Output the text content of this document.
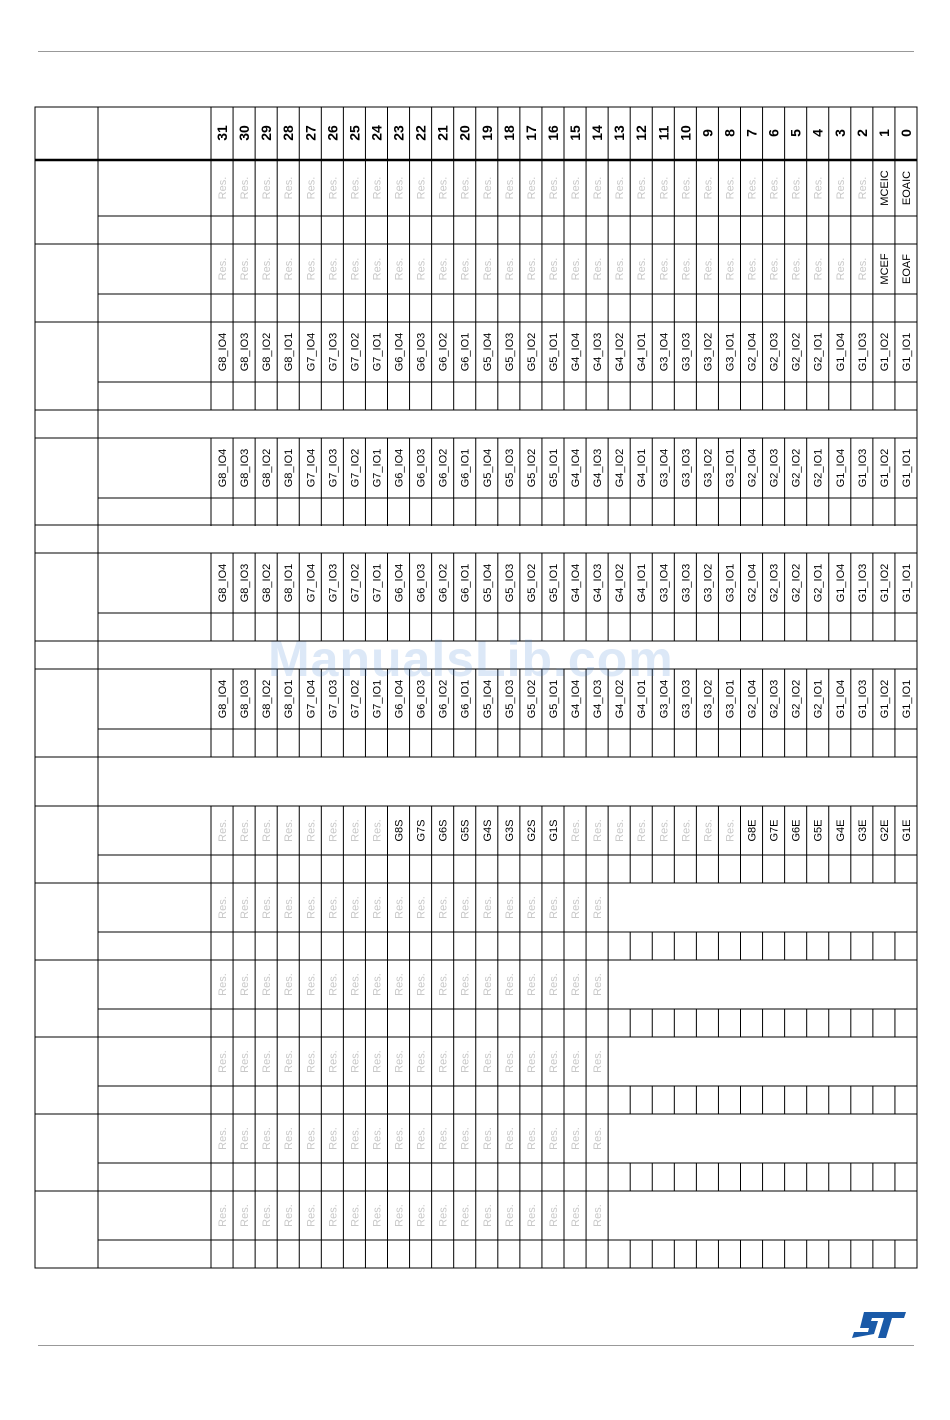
31 30 29 28 27 26 25 24 23 22 21 20 19 18 17 16 15 14 13 12 11 10 9 8 7 6 5 4 3 2 1 0
Res. Res. Res. Res. Res. Res. Res. Res. Res. Res. Res. Res. Res. Res. Res. Res. Res. Res. Res. Res. Res. Res. Res. Res. Res. Res. Res. Res. Res. Res. MCEIC EOAIC
Res. Res. Res. Res. Res. Res. Res. Res. Res. Res. Res. Res. Res. Res. Res. Res. Res. Res. Res. Res. Res. Res. Res. Res. Res. Res. Res. Res. Res. Res. MCEF EOAF
G8_IO4 G8_IO3 G8_IO2 G8_IO1 G7_IO4 G7_IO3 G7_IO2 G7_IO1 G6_IO4 G6_IO3 G6_IO2 G6_IO1 G5_IO4 G5_IO3 G5_IO2 G5_IO1 G4_IO4 G4_IO3 G4_IO2 G4_IO1 G3_IO4 G3_IO3 G3_IO2 G3_IO1 G2_IO4 G2_IO3 G2_IO2 G2_IO1 G1_IO4 G1_IO3 G1_IO2 G1_IO1
G8_IO4 G8_IO3 G8_IO2 G8_IO1 G7_IO4 G7_IO3 G7_IO2 G7_IO1 G6_IO4 G6_IO3 G6_IO2 G6_IO1 G5_IO4 G5_IO3 G5_IO2 G5_IO1 G4_IO4 G4_IO3 G4_IO2 G4_IO1 G3_IO4 G3_IO3 G3_IO2 G3_IO1 G2_IO4 G2_IO3 G2_IO2 G2_IO1 G1_IO4 G1_IO3 G1_IO2 G1_IO1
G8_IO4 G8_IO3 G8_IO2 G8_IO1 G7_IO4 G7_IO3 G7_IO2 G7_IO1 G6_IO4 G6_IO3 G6_IO2 G6_IO1 G5_IO4 G5_IO3 G5_IO2 G5_IO1 G4_IO4 G4_IO3 G4_IO2 G4_IO1 G3_IO4 G3_IO3 G3_IO2 G3_IO1 G2_IO4 G2_IO3 G2_IO2 G2_IO1 G1_IO4 G1_IO3 G1_IO2 G1_IO1
G8_IO4 G8_IO3 G8_IO2 G8_IO1 G7_IO4 G7_IO3 G7_IO2 G7_IO1 G6_IO4 G6_IO3 G6_IO2 G6_IO1 G5_IO4 G5_IO3 G5_IO2 G5_IO1 G4_IO4 G4_IO3 G4_IO2 G4_IO1 G3_IO4 G3_IO3 G3_IO2 G3_IO1 G2_IO4 G2_IO3 G2_IO2 G2_IO1 G1_IO4 G1_IO3 G1_IO2 G1_IO1
Res. Res. Res. Res. Res. Res. Res. Res. G8S G7S G6S G5S G4S G3S G2S G1S Res. Res. Res. Res. Res. Res. Res. Res. G8E G7E G6E G5E G4E G3E G2E G1E
Res. Res. Res. Res. Res. Res. Res. Res. Res. Res. Res. Res. Res. Res. Res. Res. Res. Res.
Res. Res. Res. Res. Res. Res. Res. Res. Res. Res. Res. Res. Res. Res. Res. Res. Res. Res.
Res. Res. Res. Res. Res. Res. Res. Res. Res. Res. Res. Res. Res. Res. Res. Res. Res. Res.
Res. Res. Res. Res. Res. Res. Res. Res. Res. Res. Res. Res. Res. Res. Res. Res. Res. Res.
Res. Res. Res. Res. Res. Res. Res. Res. Res. Res. Res. Res. Res. Res. Res. Res. Res. Res.
ManualsLib.com
